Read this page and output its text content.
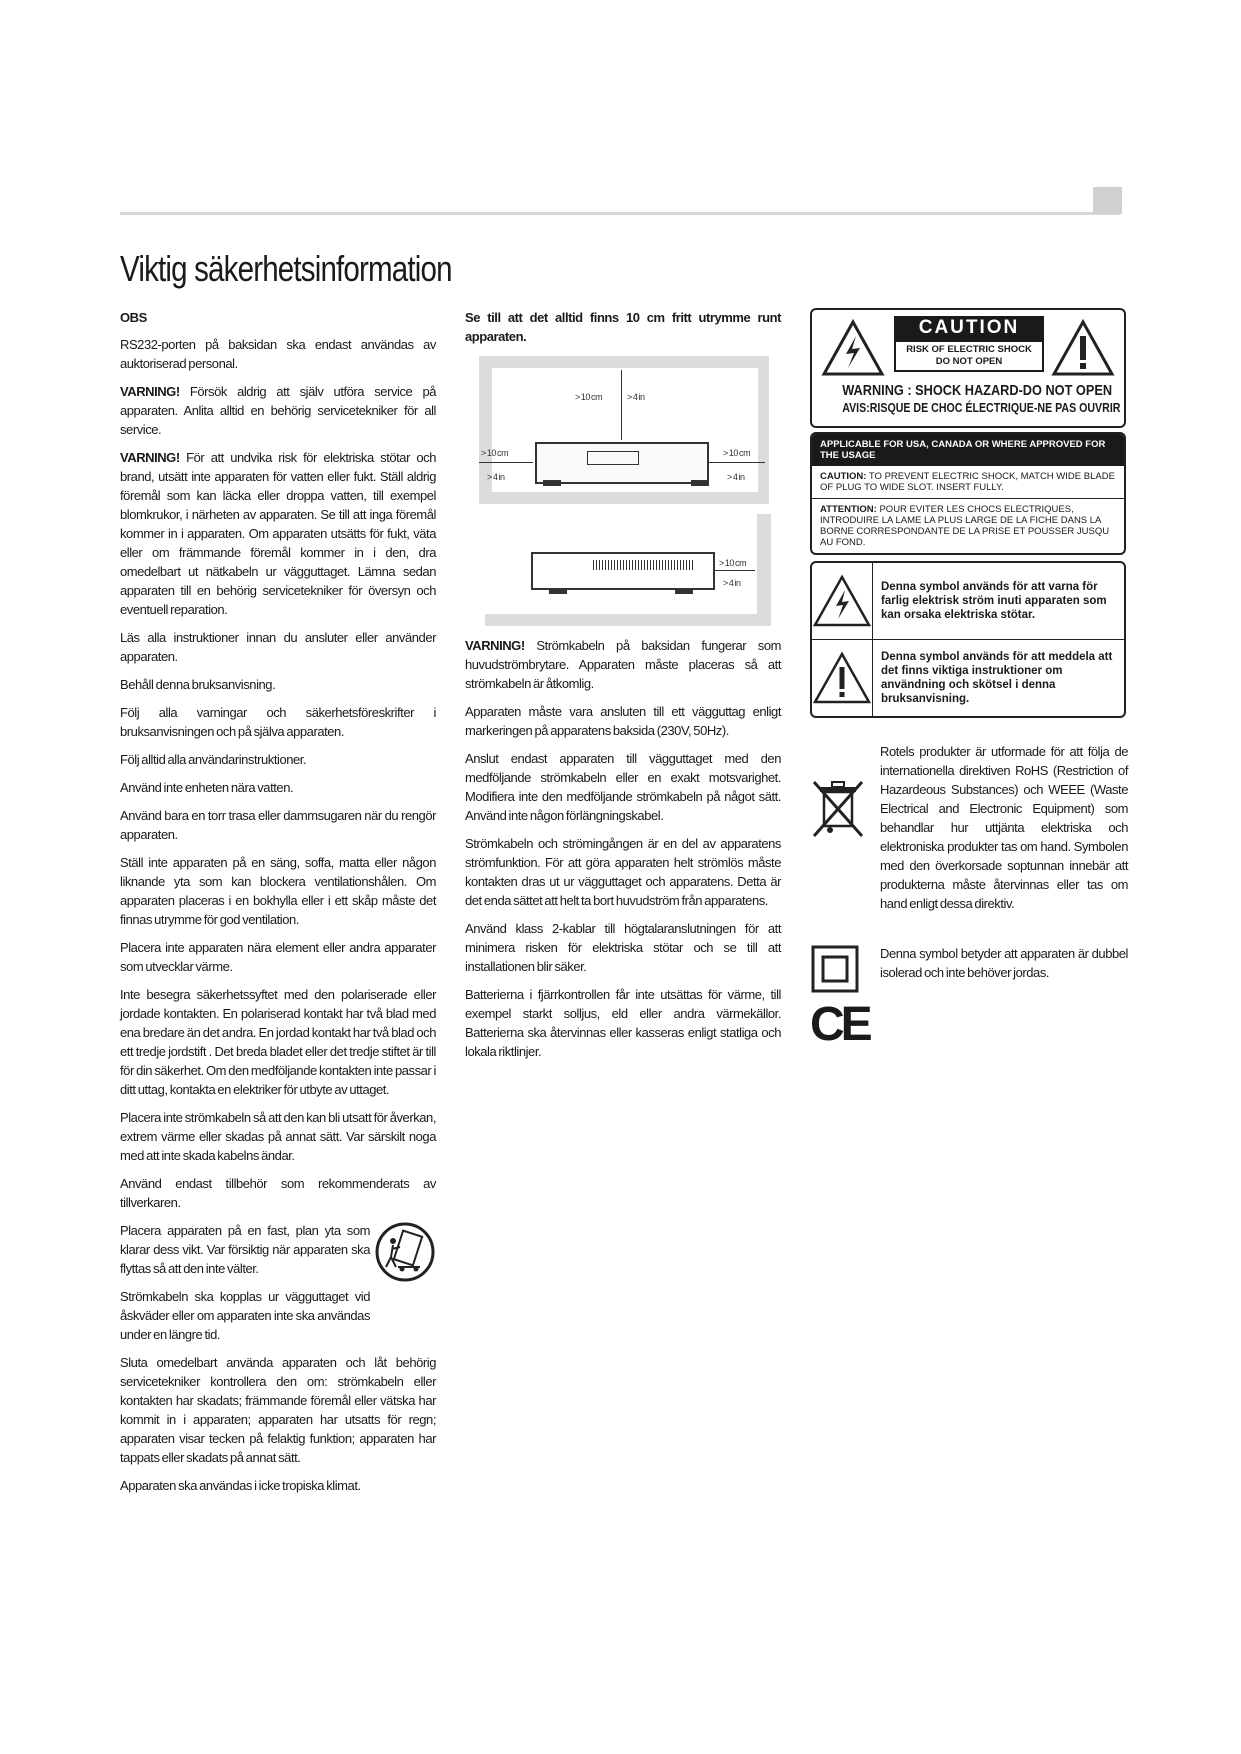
Viktig säkerhetsinformation

OBS

RS232-porten på baksidan ska endast användas av auktoriserad personal.

VARNING! Försök aldrig att själv utföra service på apparaten. Anlita alltid en behörig servicetekniker för all service.

VARNING! För att undvika risk för elektriska stötar och brand, utsätt inte apparaten för vatten eller fukt. Ställ aldrig föremål som kan läcka eller droppa vatten, till exempel blomkrukor, i närheten av apparaten. Se till att inga föremål kommer in i apparaten. Om apparaten utsätts för fukt, väta eller om främmande föremål kommer in i den, dra omedelbart ut nätkabeln ur vägguttaget. Lämna sedan apparaten till en behörig servicetekniker för översyn och eventuell reparation.

Läs alla instruktioner innan du ansluter eller använder apparaten.

Behåll denna bruksanvisning.

Följ alla varningar och säkerhetsföreskrifter i bruksanvisningen och på själva apparaten.

Följ alltid alla användarinstruktioner.

Använd inte enheten nära vatten.

Använd bara en torr trasa eller dammsugaren när du rengör apparaten.

Ställ inte apparaten på en säng, soffa, matta eller någon liknande yta som kan blockera ventilationshålen. Om apparaten placeras i en bokhylla eller i ett skåp måste det finnas utrymme för god ventilation.

Placera inte apparaten nära element eller andra apparater som utvecklar värme.

Inte besegra säkerhetssyftet med den polariserade eller jordade kontakten. En polariserad kontakt har två blad med ena bredare än det andra. En jordad kontakt har två blad och ett tredje jordstift . Det breda bladet eller det tredje stiftet är till för din säkerhet. Om den medföljande kontakten inte passar i ditt uttag, kontakta en elektriker för utbyte av uttaget.

Placera inte strömkabeln så att den kan bli utsatt för åverkan, extrem värme eller skadas på annat sätt. Var särskilt noga med att inte skada kabelns ändar.

Använd endast tillbehör som rekommenderats av tillverkaren.

Placera apparaten på en fast, plan yta som klarar dess vikt. Var försiktig när apparaten ska flyttas så att den inte välter.

Strömkabeln ska kopplas ur vägguttaget vid åskväder eller om apparaten inte ska användas under en längre tid.

Sluta omedelbart använda apparaten och låt behörig servicetekniker kontrollera den om: strömkabeln eller kontakten har skadats; främmande föremål eller vätska har kommit in i apparaten; apparaten har utsatts för regn; apparaten visar tecken på felaktig funktion; apparaten har tappats eller skadats på annat sätt.

Apparaten ska användas i icke tropiska klimat.

Se till att det alltid finns 10 cm fritt utrymme runt apparaten.

> 10 cm	> 4 in
> 10 cm
> 4 in
> 10 cm
> 4 in
> 10 cm
> 4 in

VARNING! Strömkabeln på baksidan fungerar som huvudströmbrytare. Apparaten måste placeras så att strömkabeln är åtkomlig.

Apparaten måste vara ansluten till ett vägguttag enligt markeringen på apparatens baksida (230V, 50Hz).

Anslut endast apparaten till vägguttaget med den medföljande strömkabeln eller en exakt motsvarighet. Modifiera inte den medföljande strömkabeln på något sätt. Använd inte någon förlängningskabel.

Strömkabeln och strömingången är en del av apparatens strömfunktion. För att göra apparaten helt strömlös måste kontakten dras ut ur vägguttaget och apparatens. Detta är det enda sättet att helt ta bort huvudström från apparatens.

Använd klass 2-kablar till högtalaranslutningen för att minimera risken för elektriska stötar och se till att installationen blir säker.

Batterierna i fjärrkontrollen får inte utsättas för värme, till exempel starkt solljus, eld eller andra värmekällor. Batterierna ska återvinnas eller kasseras enligt statliga och lokala riktlinjer.

CAUTION
RISK OF ELECTRIC SHOCK
DO NOT OPEN
WARNING : SHOCK HAZARD-DO NOT OPEN
AVIS:RISQUE DE CHOC ÉLECTRIQUE-NE PAS OUVRIR
APPLICABLE FOR USA, CANADA OR WHERE APPROVED FOR THE USAGE
CAUTION: TO PREVENT ELECTRIC SHOCK, MATCH WIDE BLADE OF PLUG TO WIDE SLOT. INSERT FULLY.
ATTENTION: POUR EVITER LES CHOCS ELECTRIQUES, INTRODUIRE LA LAME LA PLUS LARGE DE LA FICHE DANS LA BORNE CORRESPONDANTE DE LA PRISE ET POUSSER JUSQU AU FOND.
Denna symbol används för att varna för farlig elektrisk ström inuti apparaten som kan orsaka elektriska stötar.
Denna symbol används för att meddela att det finns viktiga instruktioner om användning och skötsel i denna bruksanvisning.

Rotels produkter är utformade för att följa de internationella direktiven RoHS (Restriction of Hazardeous Substances) och WEEE (Waste Electrical and Electronic Equipment) som behandlar hur uttjänta elektriska och elektroniska produkter tas om hand. Symbolen med den överkorsade soptunnan innebär att produkterna måste återvinnas eller tas om hand enligt dessa direktiv.

Denna symbol betyder att apparaten är dubbel isolerad och inte behöver jordas.

CE
